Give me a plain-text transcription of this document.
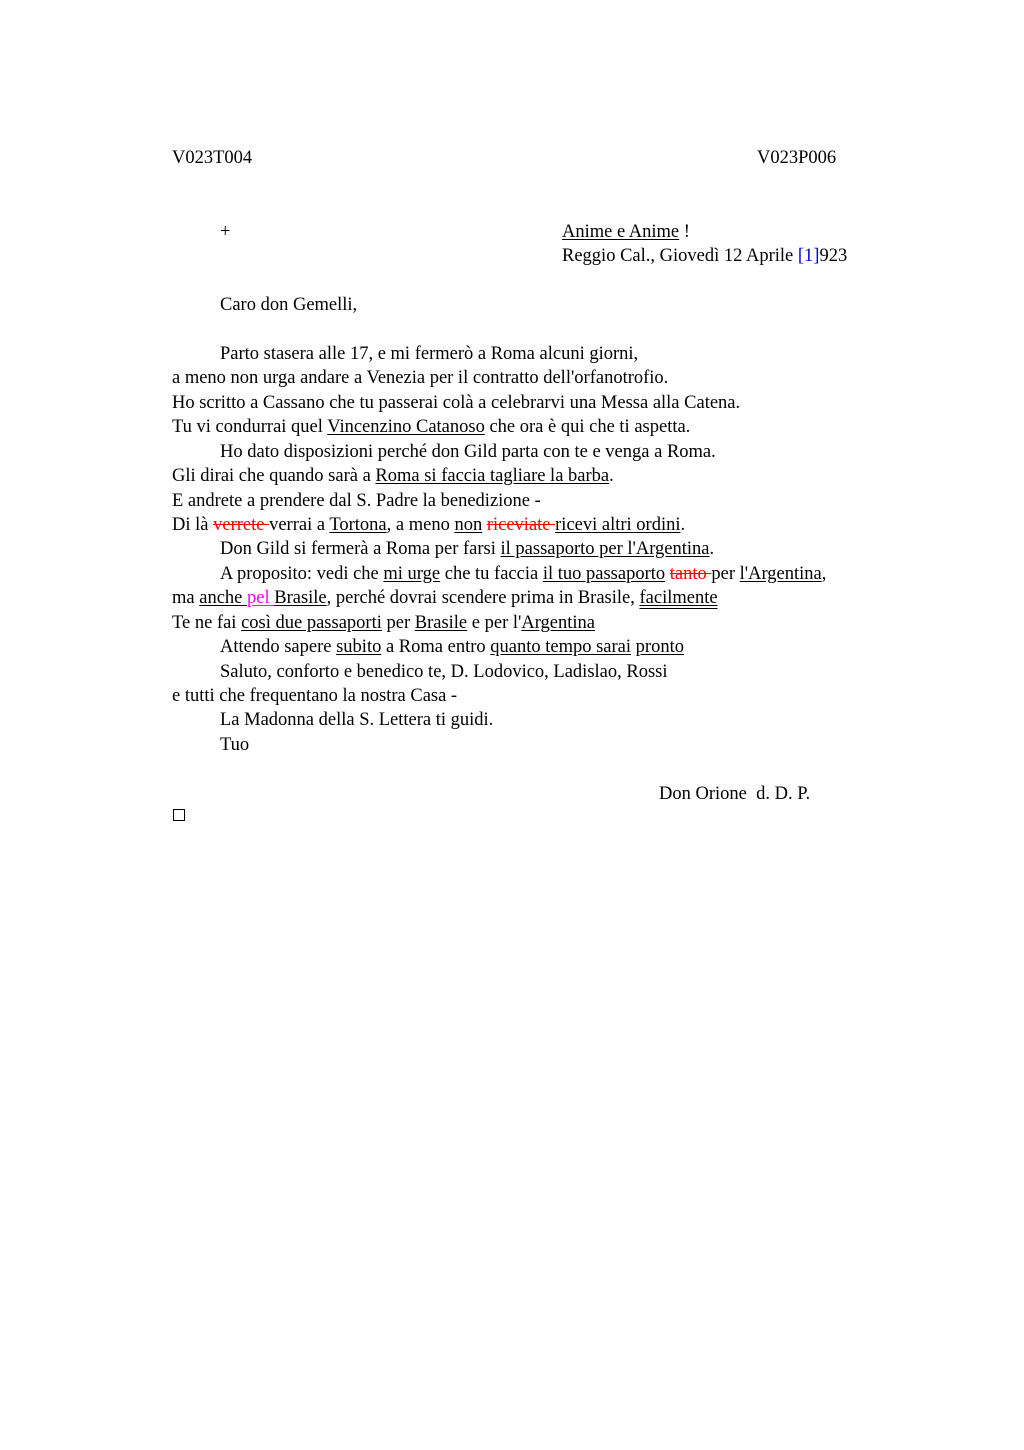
V023T004	V023P006
+	Anime e Anime !
Reggio Cal., Giovedì 12 Aprile [1]923
Caro don Gemelli,
Parto stasera alle 17, e mi fermerò a Roma alcuni giorni,
a meno non urga andare a Venezia per il contratto dell'orfanotrofio.
Ho scritto a Cassano che tu passerai colà a celebrarvi una Messa alla Catena.
Tu vi condurrai quel Vincenzino Catanoso che ora è qui che ti aspetta.
Ho dato disposizioni perché don Gild parta con te e venga a Roma.
Gli dirai che quando sarà a Roma si faccia tagliare la barba.
E andrete a prendere dal S. Padre la benedizione -
Di là verrete verrai a Tortona, a meno non riceviate ricevi altri ordini.
Don Gild si fermerà a Roma per farsi il passaporto per l'Argentina.
A proposito: vedi che mi urge che tu faccia il tuo passaporto tanto per l'Argentina,
ma anche pel Brasile, perché dovrai scendere prima in Brasile, facilmente
Te ne fai così due passaporti per Brasile e per l'Argentina
Attendo sapere subito a Roma entro quanto tempo sarai pronto
Saluto, conforto e benedico te, D. Lodovico, Ladislao, Rossi
e tutti che frequentano la nostra Casa -
La Madonna della S. Lettera ti guidi.
Tuo
Don Orione  d. D. P.
